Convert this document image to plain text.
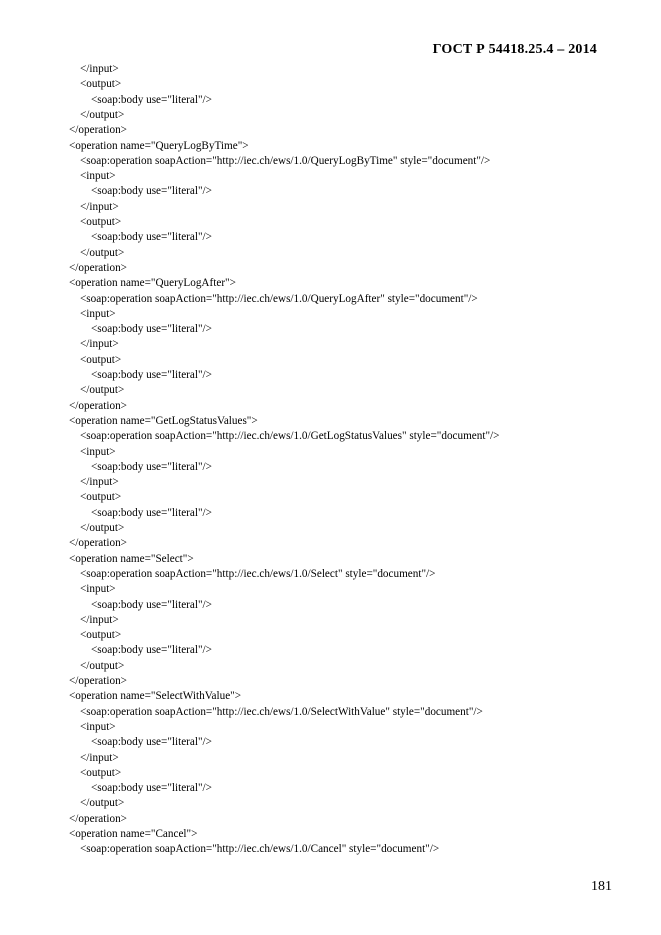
ГОСТ Р 54418.25.4 – 2014
</input>
<output>
<soap:body use="literal"/>
</output>
</operation>
<operation name="QueryLogByTime">
<soap:operation soapAction="http://iec.ch/ews/1.0/QueryLogByTime" style="document"/>
<input>
<soap:body use="literal"/>
</input>
<output>
<soap:body use="literal"/>
</output>
</operation>
<operation name="QueryLogAfter">
<soap:operation soapAction="http://iec.ch/ews/1.0/QueryLogAfter" style="document"/>
<input>
<soap:body use="literal"/>
</input>
<output>
<soap:body use="literal"/>
</output>
</operation>
<operation name="GetLogStatusValues">
<soap:operation soapAction="http://iec.ch/ews/1.0/GetLogStatusValues" style="document"/>
<input>
<soap:body use="literal"/>
</input>
<output>
<soap:body use="literal"/>
</output>
</operation>
<operation name="Select">
<soap:operation soapAction="http://iec.ch/ews/1.0/Select" style="document"/>
<input>
<soap:body use="literal"/>
</input>
<output>
<soap:body use="literal"/>
</output>
</operation>
<operation name="SelectWithValue">
<soap:operation soapAction="http://iec.ch/ews/1.0/SelectWithValue" style="document"/>
<input>
<soap:body use="literal"/>
</input>
<output>
<soap:body use="literal"/>
</output>
</operation>
<operation name="Cancel">
<soap:operation soapAction="http://iec.ch/ews/1.0/Cancel" style="document"/>
181
